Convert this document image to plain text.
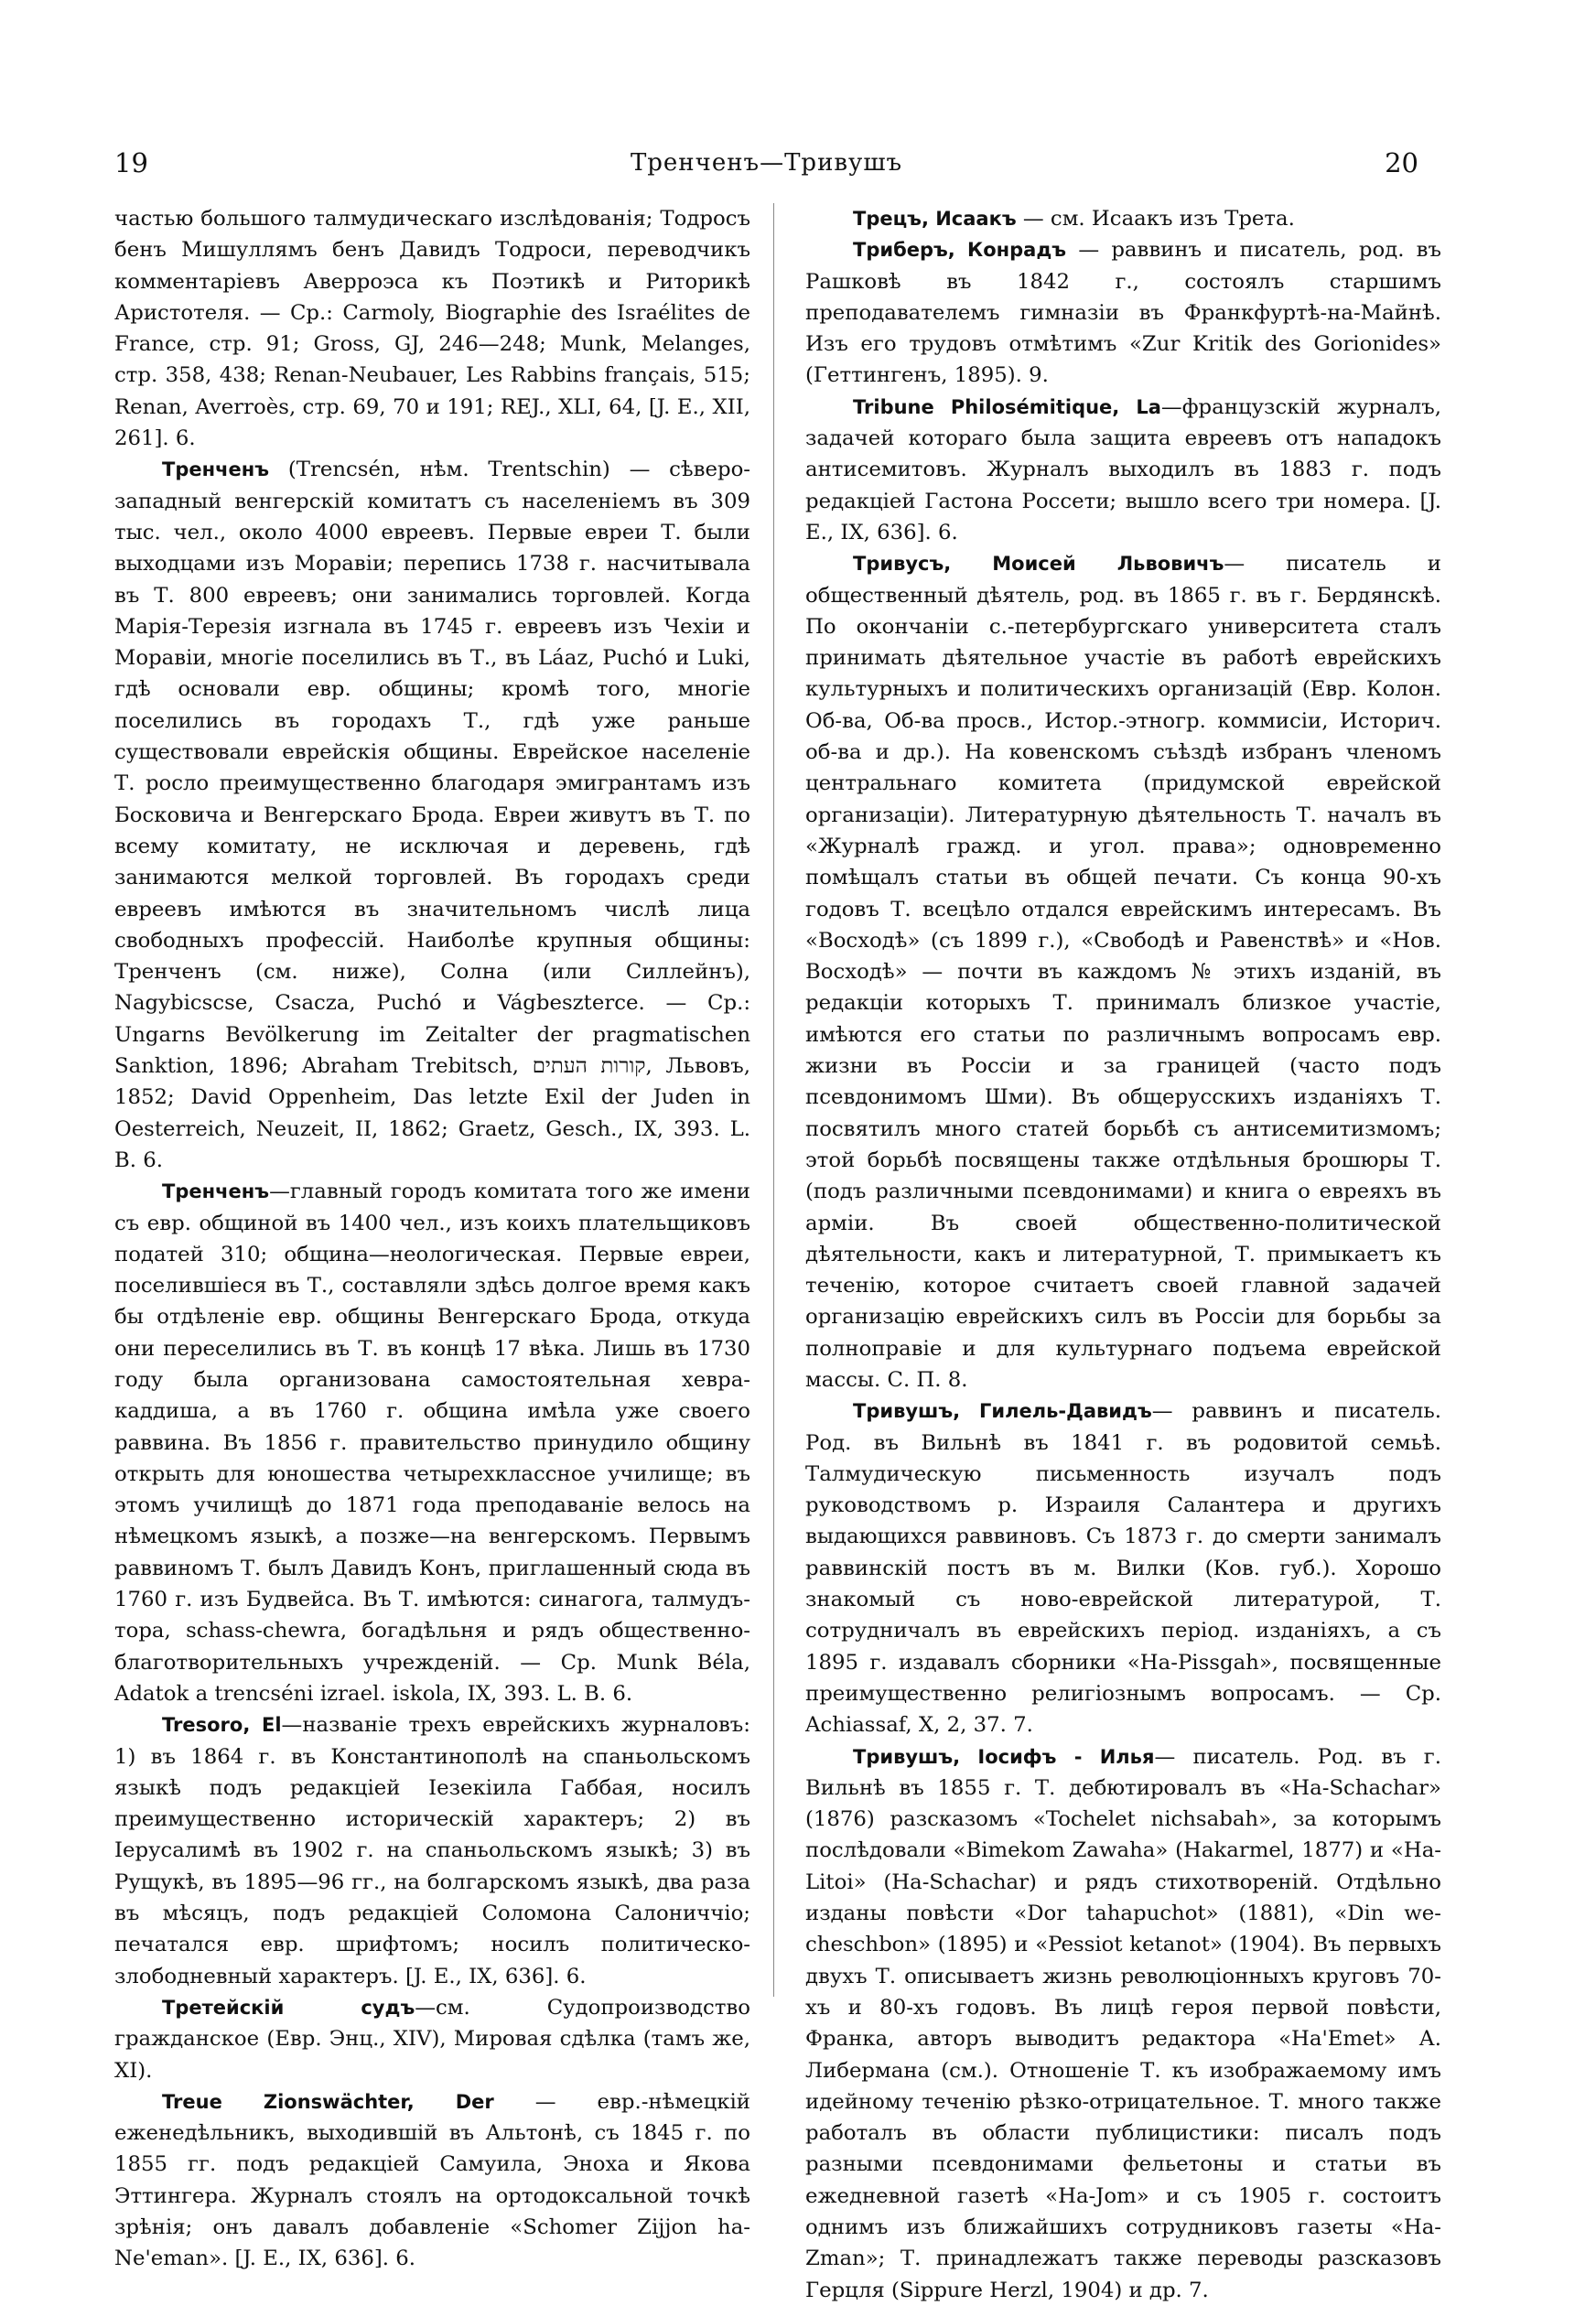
19	Тренченъ—Тривушъ	20

частью большого талмудическаго изслѣдованія; Тодросъ бенъ Мишуллямъ бенъ Давидъ Тодроси, переводчикъ комментаріевъ Аверроэса къ Поэтикѣ и Риторикѣ Аристотеля. — Ср.: Carmoly, Biographie des Israélites de France, стр. 91; Gross, GJ, 246—248; Munk, Melanges, стр. 358, 438; Renan-Neubauer, Les Rabbins français, 515; Renan, Averroès, стр. 69, 70 и 191; REJ., XLI, 64, [J. E., XII, 261]. 6.

Тренченъ (Trencsén, нѣм. Trentschin) — сѣверо-западный венгерскій комитатъ съ населеніемъ въ 309 тыс. чел., около 4000 евреевъ. Первые евреи Т. были выходцами изъ Моравіи; перепись 1738 г. насчитывала въ Т. 800 евреевъ; они занимались торговлей. Когда Марія-Терезія изгнала въ 1745 г. евреевъ изъ Чехіи и Моравіи, многіе поселились въ Т., въ Láaz, Puchó и Luki, гдѣ основали евр. общины; кромѣ того, многіе поселились въ городахъ Т., гдѣ уже раньше существовали еврейскія общины. Еврейское населеніе Т. росло преимущественно благодаря эмигрантамъ изъ Босковича и Венгерскаго Брода. Евреи живутъ въ Т. по всему комитату, не исключая и деревень, гдѣ занимаются мелкой торговлей. Въ городахъ среди евреевъ имѣются въ значительномъ числѣ лица свободныхъ профессій. Наиболѣе крупныя общины: Тренченъ (см. ниже), Солна (или Силлейнъ), Nagybicscse, Csacza, Puchó и Vágbesztercе. — Ср.: Ungarns Bevölkerung im Zeitalter der pragmatischen Sanktion, 1896; Abraham Trebitsch, קורות העתים, Львовъ, 1852; David Oppenheim, Das letzte Exil der Juden in Oesterreich, Neuzeit, II, 1862; Graetz, Gesch., IX, 393. L. B. 6.

Тренченъ—главный городъ комитата того же имени съ евр. общиной въ 1400 чел., изъ коихъ плательщиковъ податей 310; община—неологическая. Первые евреи, поселившіеся въ Т., составляли здѣсь долгое время какъ бы отдѣленіе евр. общины Венгерскаго Брода, откуда они переселились въ Т. въ концѣ 17 вѣка. Лишь въ 1730 году была организована самостоятельная хевра-каддиша, а въ 1760 г. община имѣла уже своего раввина. Въ 1856 г. правительство принудило общину открыть для юношества четырехклассное училище; въ этомъ училищѣ до 1871 года преподаваніе велось на нѣмецкомъ языкѣ, а позже—на венгерскомъ. Первымъ раввиномъ Т. былъ Давидъ Конъ, приглашенный сюда въ 1760 г. изъ Будвейса. Въ Т. имѣются: синагога, талмудъ-тора, schass-chewra, богадѣльня и рядъ общественно-благотворительныхъ учрежденій. — Ср. Munk Béla, Adatok a trencséni izrael. iskola, IX, 393. L. B. 6.

Tresoro, El—названіе трехъ еврейскихъ журналовъ: 1) въ 1864 г. въ Константинополѣ на спаньольскомъ языкѣ подъ редакціей Іезекіила Габбая, носилъ преимущественно историческій характеръ; 2) въ Іерусалимѣ въ 1902 г. на спаньольскомъ языкѣ; 3) въ Рущукѣ, въ 1895—96 гг., на болгарскомъ языкѣ, два раза въ мѣсяцъ, подъ редакціей Соломона Салониччіо; печатался евр. шрифтомъ; носилъ политическо-злободневный характеръ. [J. E., IX, 636]. 6.

Третейскій судъ—см. Судопроизводство гражданское (Евр. Энц., XIV), Мировая сдѣлка (тамъ же, XI).

Treue Zionswächter, Der — евр.-нѣмецкій еженедѣльникъ, выходившій въ Альтонѣ, съ 1845 г. по 1855 гг. подъ редакціей Самуила, Эноха и Якова Эттингера. Журналъ стоялъ на ортодоксальной точкѣ зрѣнія; онъ давалъ добавленіе «Schomer Zijjon ha-Ne'eman». [J. E., IX, 636]. 6.

Трецъ, Исаакъ — см. Исаакъ изъ Трета.

Триберъ, Конрадъ — раввинъ и писатель, род. въ Рашковѣ въ 1842 г., состоялъ старшимъ преподавателемъ гимназіи въ Франкфуртѣ-на-Майнѣ. Изъ его трудовъ отмѣтимъ «Zur Kritik des Gorionides» (Геттингенъ, 1895). 9.

Tribune Philosémitique, La—французскій журналъ, задачей котораго была защита евреевъ отъ нападокъ антисемитовъ. Журналъ выходилъ въ 1883 г. подъ редакціей Гастона Россети; вышло всего три номера. [J. E., IX, 636]. 6.

Тривусъ, Моисей Львовичъ— писатель и общественный дѣятель, род. въ 1865 г. въ г. Бердянскѣ. По окончаніи с.-петербургскаго университета сталъ принимать дѣятельное участіе въ работѣ еврейскихъ культурныхъ и политическихъ организацій (Евр. Колон. Об-ва, Об-ва просв., Истор.-этногр. коммисіи, Историч. об-ва и др.). На ковенскомъ съѣздѣ избранъ членомъ центральнаго комитета (придумской еврейской организаціи). Литературную дѣятельность Т. началъ въ «Журналѣ гражд. и угол. права»; одновременно помѣщалъ статьи въ общей печати. Съ конца 90-хъ годовъ Т. всецѣло отдался еврейскимъ интересамъ. Въ «Восходѣ» (съ 1899 г.), «Свободѣ и Равенствѣ» и «Нов. Восходѣ» — почти въ каждомъ № этихъ изданій, въ редакціи которыхъ Т. принималъ близкое участіе, имѣются его статьи по различнымъ вопросамъ евр. жизни въ Россіи и за границей (часто подъ псевдонимомъ Шми). Въ общерусскихъ изданіяхъ Т. посвятилъ много статей борьбѣ съ антисемитизмомъ; этой борьбѣ посвящены также отдѣльныя брошюры Т. (подъ различными псевдонимами) и книга о евреяхъ въ арміи. Въ своей общественно-политической дѣятельности, какъ и литературной, Т. примыкаетъ къ теченію, которое считаетъ своей главной задачей организацію еврейскихъ силъ въ Россіи для борьбы за полноправіе и для культурнаго подъема еврейской массы. С. П. 8.

Тривушъ, Гилель-Давидъ— раввинъ и писатель. Род. въ Вильнѣ въ 1841 г. въ родовитой семьѣ. Талмудическую письменность изучалъ подъ руководствомъ р. Израиля Салантера и другихъ выдающихся раввиновъ. Съ 1873 г. до смерти занималъ раввинскій постъ въ м. Вилки (Ков. губ.). Хорошо знакомый съ ново-еврейской литературой, Т. сотрудничалъ въ еврейскихъ період. изданіяхъ, а съ 1895 г. издавалъ сборники «Ha-Pissgah», посвященные преимущественно религіознымъ вопросамъ. — Cp. Achiassaf, X, 2, 37. 7.

Тривушъ, Іосифъ - Илья— писатель. Род. въ г. Вильнѣ въ 1855 г. Т. дебютировалъ въ «Ha-Schachar» (1876) разсказомъ «Tochelet nichsabah», за которымъ послѣдовали «Bimekom Zawaha» (Hakarmel, 1877) и «Ha-Litoi» (Ha-Schachar) и рядъ стихотвореній. Отдѣльно изданы повѣсти «Dor tahapuchot» (1881), «Din we-cheschbon» (1895) и «Pessiot ketanot» (1904). Въ первыхъ двухъ Т. описываетъ жизнь революціонныхъ круговъ 70-хъ и 80-хъ годовъ. Въ лицѣ героя первой повѣсти, Франка, авторъ выводитъ редактора «Ha'Emet» А. Либермана (см.). Отношеніе Т. къ изображаемому имъ идейному теченію рѣзко-отрицательное. Т. много также работалъ въ области публицистики: писалъ подъ разными псевдонимами фельетоны и статьи въ ежедневной газетѣ «Ha-Jom» и съ 1905 г. состоитъ однимъ изъ ближайшихъ сотрудниковъ газеты «Ha-Zman»; Т. принадлежатъ также переводы разсказовъ Герцля (Sippure Herzl, 1904) и др. 7.
